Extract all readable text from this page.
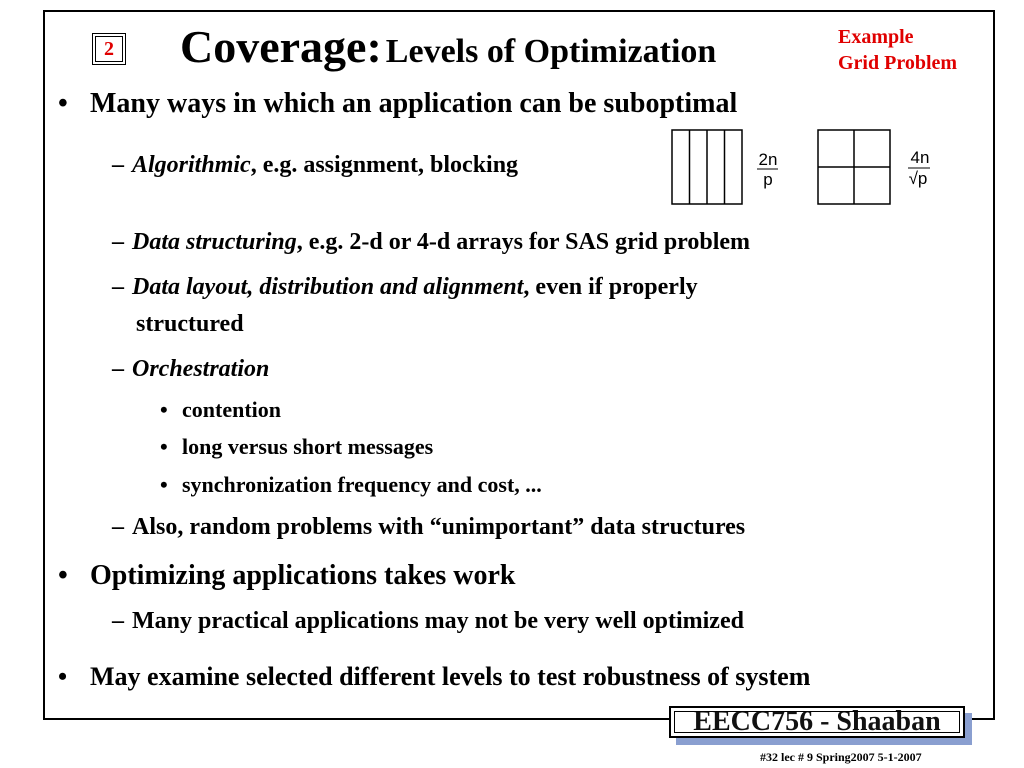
2 Coverage: Levels of Optimization	Example
Grid Problem
• Many ways in which an application can be suboptimal
– Algorithmic, e.g. assignment, blocking	2n
p
4n
√p
– Data structuring, e.g. 2-d or 4-d arrays for SAS grid problem
– Data layout, distribution and alignment, even if properly
structured
– Orchestration
• contention
• long versus short messages
• synchronization frequency and cost, ...
– Also, random problems with “unimportant” data structures
• Optimizing applications takes work
– Many practical applications may not be very well optimized
• May examine selected different levels to test robustness of system
EECC756 - Shaaban
#32 lec # 9 Spring2007 5-1-2007
